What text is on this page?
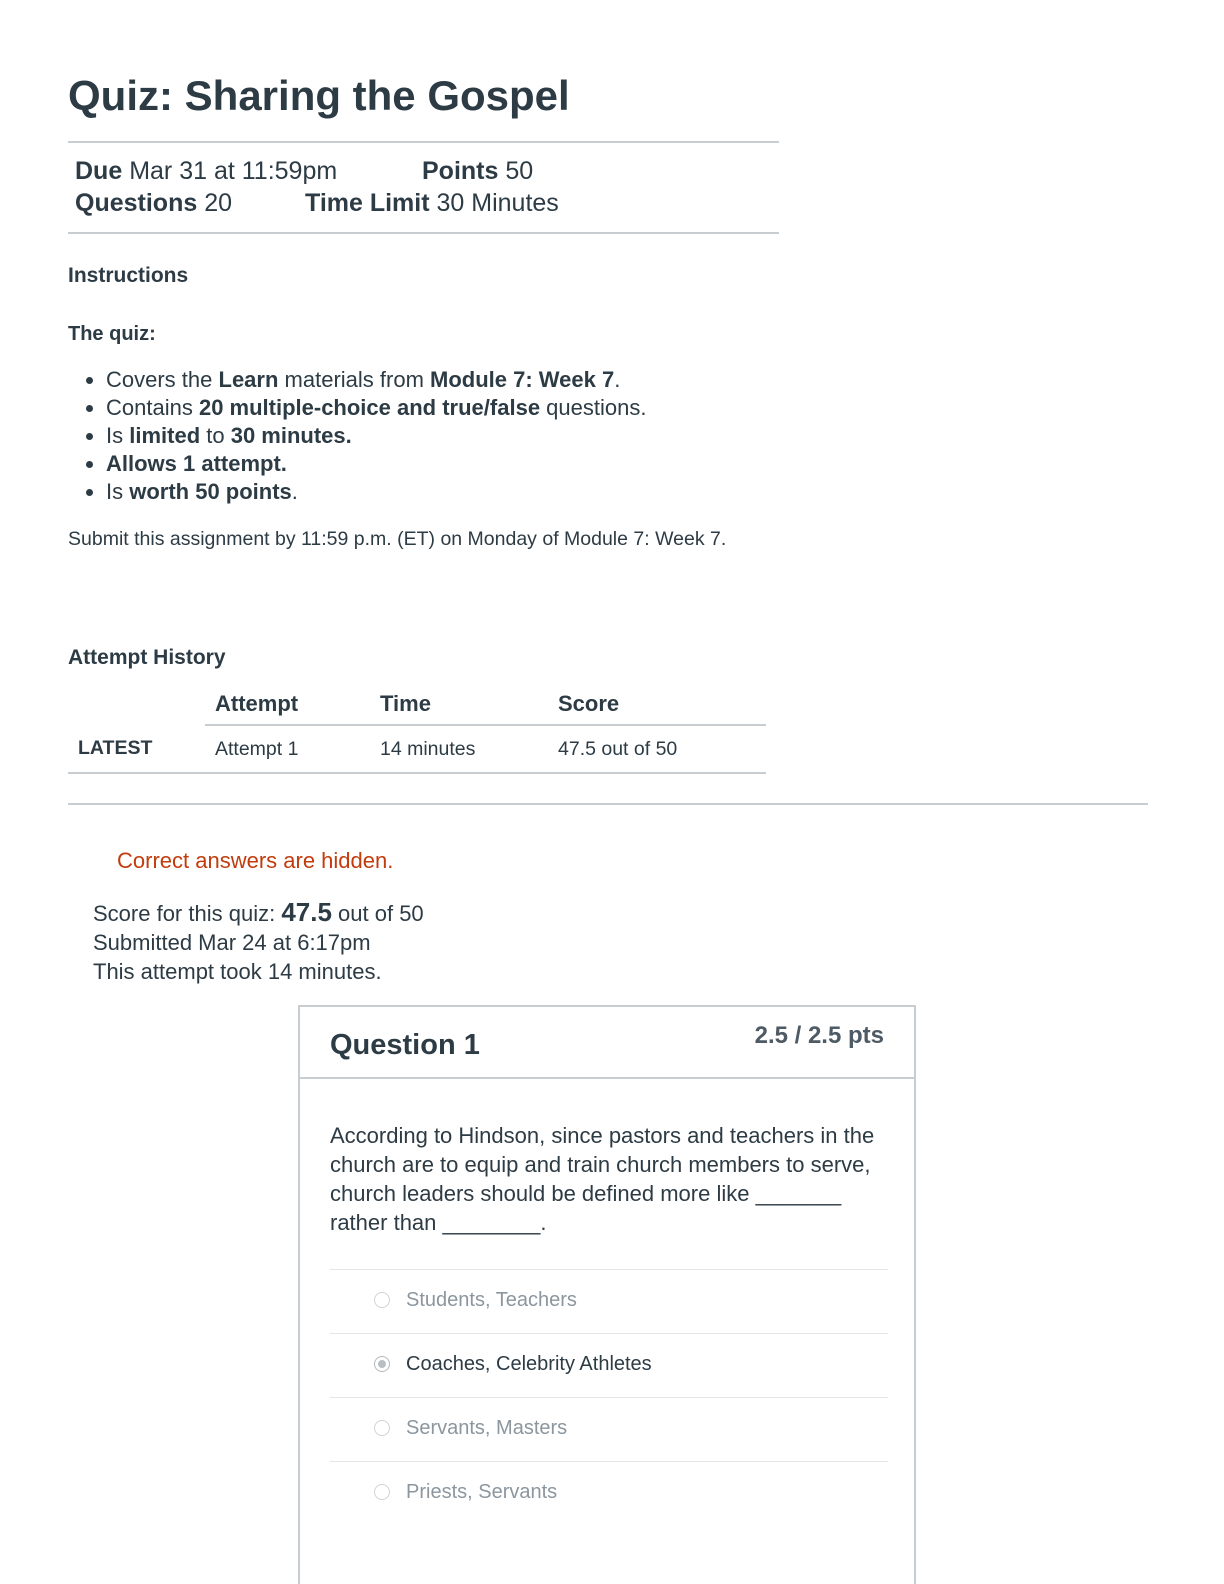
Quiz: Sharing the Gospel
Due Mar 31 at 11:59pm	Points 50
Questions 20	Time Limit 30 Minutes
Instructions
The quiz:
• Covers the Learn materials from Module 7: Week 7.
• Contains 20 multiple-choice and true/false questions.
• Is limited to 30 minutes.
• Allows 1 attempt.
• Is worth 50 points.
Submit this assignment by 11:59 p.m. (ET) on Monday of Module 7: Week 7.
Attempt History
	Attempt	Time	Score
LATEST	Attempt 1	14 minutes	47.5 out of 50
Correct answers are hidden.
Score for this quiz: 47.5 out of 50
Submitted Mar 24 at 6:17pm
This attempt took 14 minutes.
Question 1	2.5 / 2.5 pts
According to Hindson, since pastors and teachers in the church are to equip and train church members to serve, church leaders should be defined more like _______ rather than ________.
Students, Teachers
Coaches, Celebrity Athletes
Servants, Masters
Priests, Servants
